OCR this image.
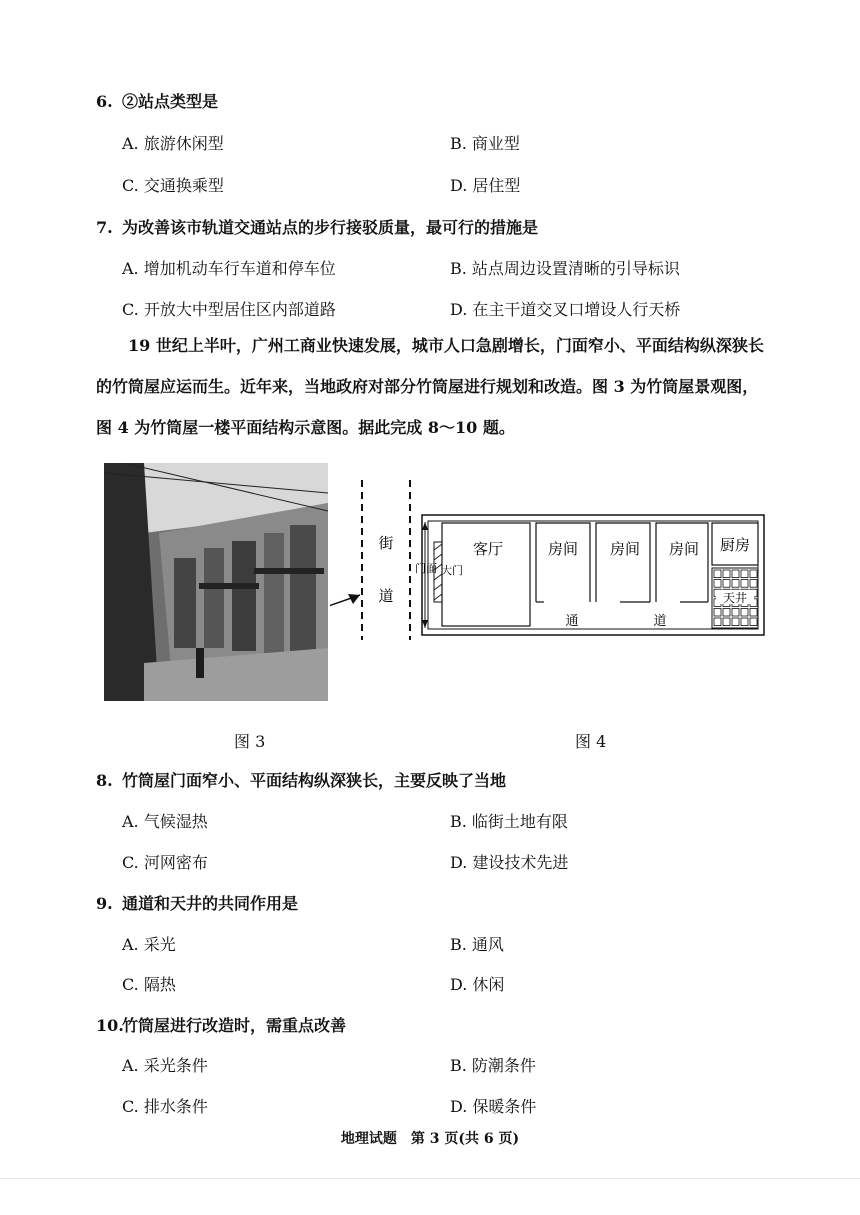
6. ②站点类型是
A. 旅游休闲型	B. 商业型
C. 交通换乘型	D. 居住型
7. 为改善该市轨道交通站点的步行接驳质量，最可行的措施是
A. 增加机动车行车道和停车位	B. 站点周边设置清晰的引导标识
C. 开放大中型居住区内部道路	D. 在主干道交叉口增设人行天桥
19 世纪上半叶，广州工商业快速发展，城市人口急剧增长，门面窄小、平面结构纵深狭长
的竹筒屋应运而生。近年来，当地政府对部分竹筒屋进行规划和改造。图 3 为竹筒屋景观图，
图 4 为竹筒屋一楼平面结构示意图。据此完成 8～10 题。
街
道
门面 大门
客厅	房间 房间 房间 厨房
天井
通	道
图 3	图 4
8. 竹筒屋门面窄小、平面结构纵深狭长，主要反映了当地
A. 气候湿热	B. 临街土地有限
C. 河网密布	D. 建设技术先进
9. 通道和天井的共同作用是
A. 采光	B. 通风
C. 隔热	D. 休闲
10.竹筒屋进行改造时，需重点改善
A. 采光条件	B. 防潮条件
C. 排水条件	D. 保暖条件
地理试题　第 3 页(共 6 页)
